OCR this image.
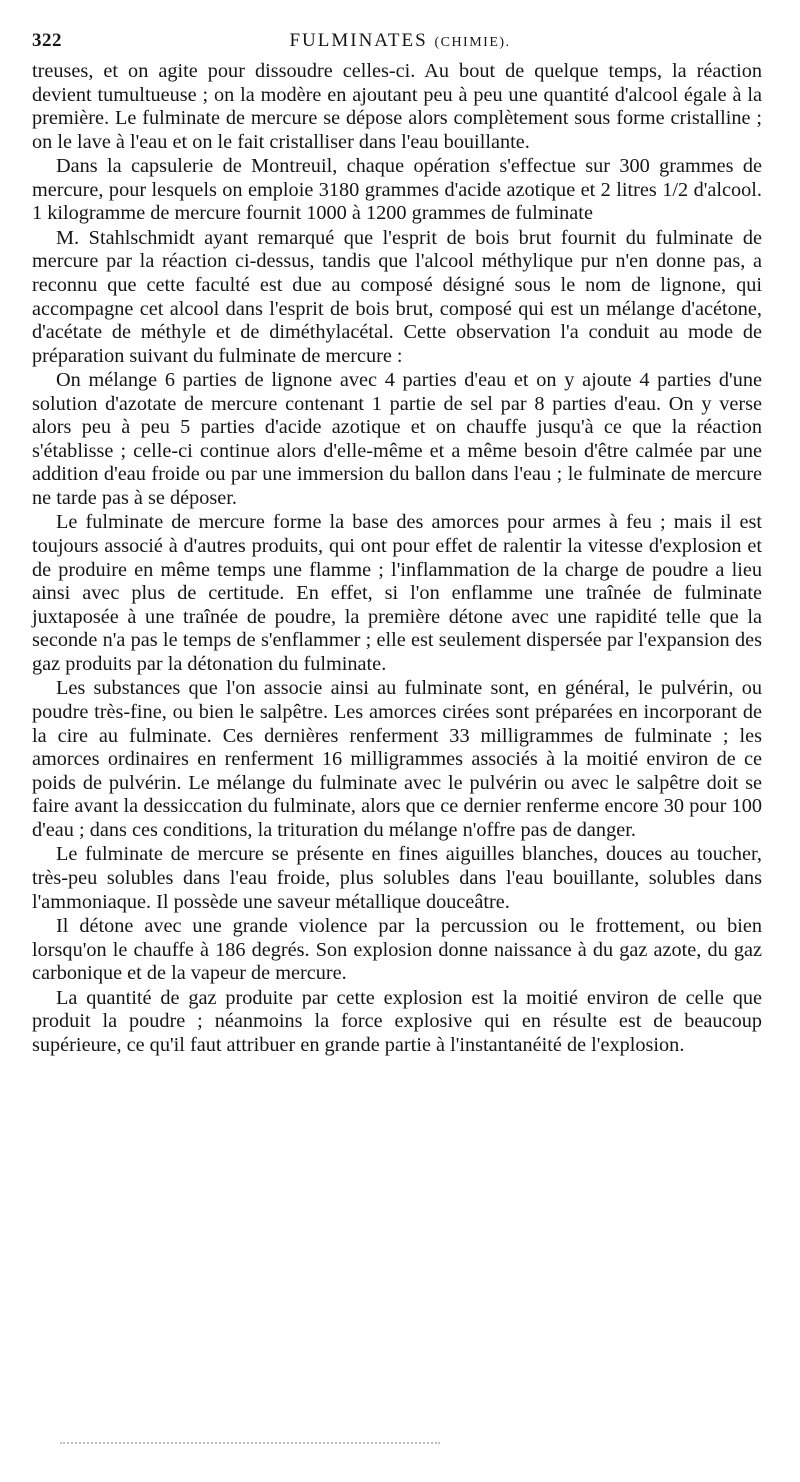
322	FULMINATES (CHIMIE).

treuses, et on agite pour dissoudre celles-ci. Au bout de quelque temps, la réaction devient tumultueuse ; on la modère en ajoutant peu à peu une quantité d'alcool égale à la première. Le fulminate de mercure se dépose alors complètement sous forme cristalline ; on le lave à l'eau et on le fait cristalliser dans l'eau bouillante.

Dans la capsulerie de Montreuil, chaque opération s'effectue sur 300 grammes de mercure, pour lesquels on emploie 3180 grammes d'acide azotique et 2 litres 1/2 d'alcool. 1 kilogramme de mercure fournit 1000 à 1200 grammes de fulminate

M. Stahlschmidt ayant remarqué que l'esprit de bois brut fournit du fulminate de mercure par la réaction ci-dessus, tandis que l'alcool méthylique pur n'en donne pas, a reconnu que cette faculté est due au composé désigné sous le nom de lignone, qui accompagne cet alcool dans l'esprit de bois brut, composé qui est un mélange d'acétone, d'acétate de méthyle et de diméthylacétal. Cette observation l'a conduit au mode de préparation suivant du fulminate de mercure :

On mélange 6 parties de lignone avec 4 parties d'eau et on y ajoute 4 parties d'une solution d'azotate de mercure contenant 1 partie de sel par 8 parties d'eau. On y verse alors peu à peu 5 parties d'acide azotique et on chauffe jusqu'à ce que la réaction s'établisse ; celle-ci continue alors d'elle-même et a même besoin d'être calmée par une addition d'eau froide ou par une immersion du ballon dans l'eau ; le fulminate de mercure ne tarde pas à se déposer.

Le fulminate de mercure forme la base des amorces pour armes à feu ; mais il est toujours associé à d'autres produits, qui ont pour effet de ralentir la vitesse d'explosion et de produire en même temps une flamme ; l'inflammation de la charge de poudre a lieu ainsi avec plus de certitude. En effet, si l'on enflamme une traînée de fulminate juxtaposée à une traînée de poudre, la première détone avec une rapidité telle que la seconde n'a pas le temps de s'enflammer ; elle est seulement dispersée par l'expansion des gaz produits par la détonation du fulminate.

Les substances que l'on associe ainsi au fulminate sont, en général, le pulvérin, ou poudre très-fine, ou bien le salpêtre. Les amorces cirées sont préparées en incorporant de la cire au fulminate. Ces dernières renferment 33 milligrammes de fulminate ; les amorces ordinaires en renferment 16 milligrammes associés à la moitié environ de ce poids de pulvérin. Le mélange du fulminate avec le pulvérin ou avec le salpêtre doit se faire avant la dessiccation du fulminate, alors que ce dernier renferme encore 30 pour 100 d'eau ; dans ces conditions, la trituration du mélange n'offre pas de danger.

Le fulminate de mercure se présente en fines aiguilles blanches, douces au toucher, très-peu solubles dans l'eau froide, plus solubles dans l'eau bouillante, solubles dans l'ammoniaque. Il possède une saveur métallique douceâtre.

Il détone avec une grande violence par la percussion ou le frottement, ou bien lorsqu'on le chauffe à 186 degrés. Son explosion donne naissance à du gaz azote, du gaz carbonique et de la vapeur de mercure.

La quantité de gaz produite par cette explosion est la moitié environ de celle que produit la poudre ; néanmoins la force explosive qui en résulte est de beaucoup supérieure, ce qu'il faut attribuer en grande partie à l'instantanéité de l'explosion.
